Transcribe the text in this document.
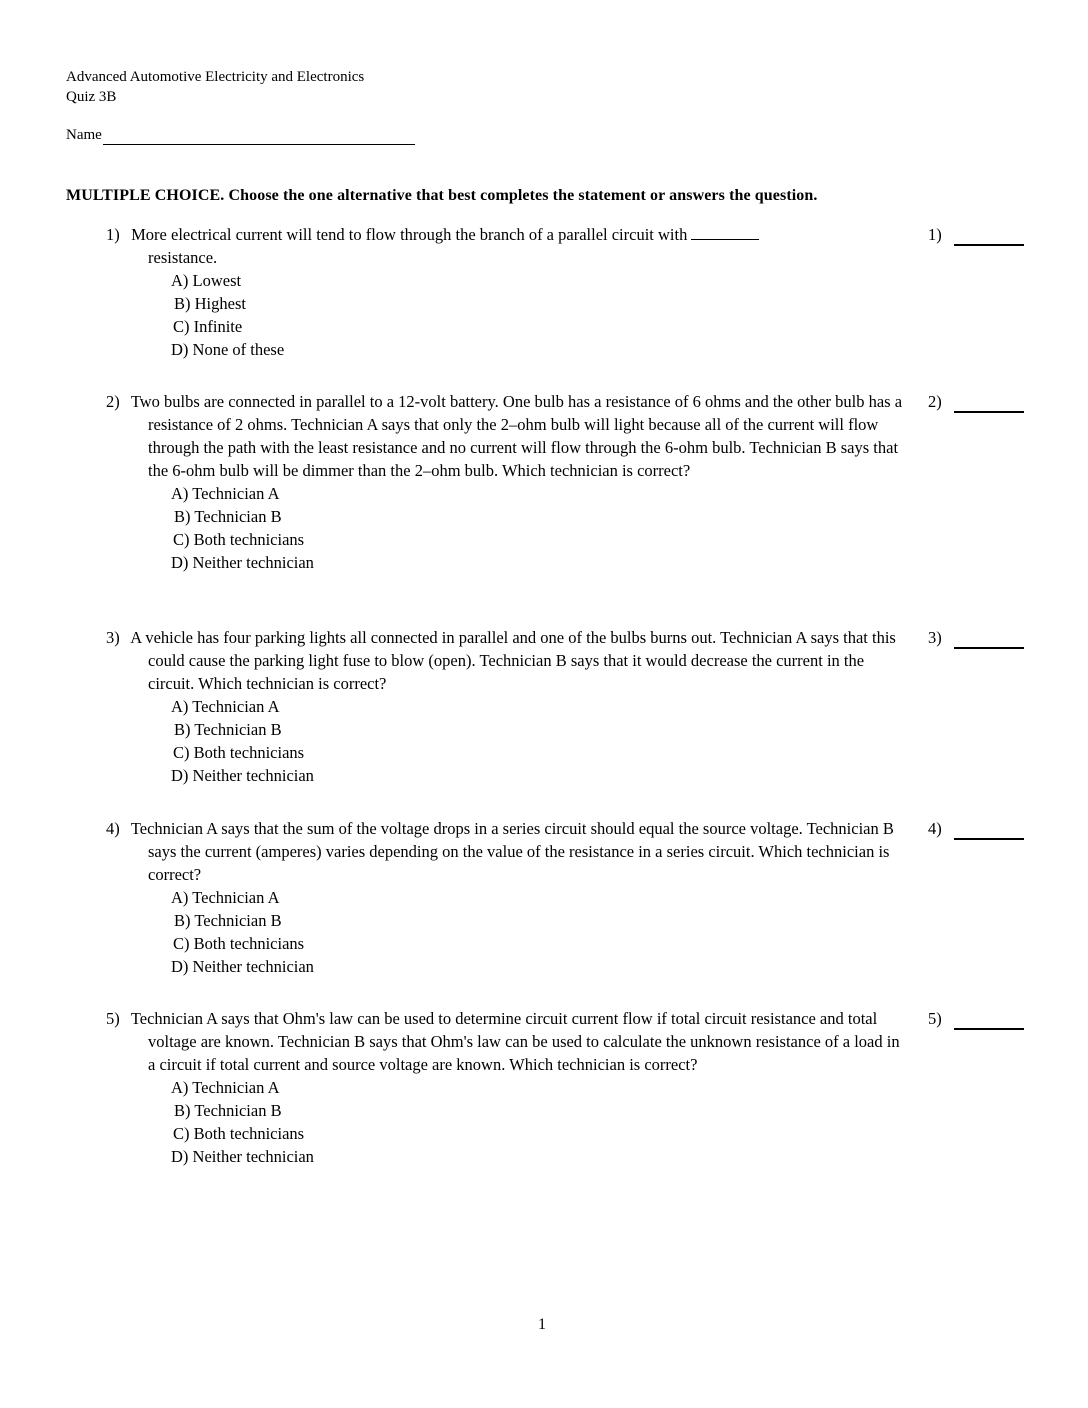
Advanced Automotive Electricity and Electronics
Quiz 3B
Name
MULTIPLE CHOICE. Choose the one alternative that best completes the statement or answers the question.
1) More electrical current will tend to flow through the branch of a parallel circuit with
resistance.
A) Lowest
B) Highest
C) Infinite
D) None of these
1)
2) Two bulbs are connected in parallel to a 12-volt battery. One bulb has a resistance of 6 ohms and the other bulb has a resistance of 2 ohms. Technician A says that only the 2–ohm bulb will light because all of the current will flow through the path with the least resistance and no current will flow through the 6-ohm bulb. Technician B says that the 6-ohm bulb will be dimmer than the 2–ohm bulb. Which technician is correct?
A) Technician A
B) Technician B
C) Both technicians
D) Neither technician
2)
3) A vehicle has four parking lights all connected in parallel and one of the bulbs burns out. Technician A says that this could cause the parking light fuse to blow (open). Technician B says that it would decrease the current in the circuit. Which technician is correct?
A) Technician A
B) Technician B
C) Both technicians
D) Neither technician
3)
4) Technician A says that the sum of the voltage drops in a series circuit should equal the source voltage. Technician B says the current (amperes) varies depending on the value of the resistance in a series circuit. Which technician is correct?
A) Technician A
B) Technician B
C) Both technicians
D) Neither technician
4)
5) Technician A says that Ohm's law can be used to determine circuit current flow if total circuit resistance and total voltage are known. Technician B says that Ohm's law can be used to calculate the unknown resistance of a load in a circuit if total current and source voltage are known. Which technician is correct?
A) Technician A
B) Technician B
C) Both technicians
D) Neither technician
5)
1
